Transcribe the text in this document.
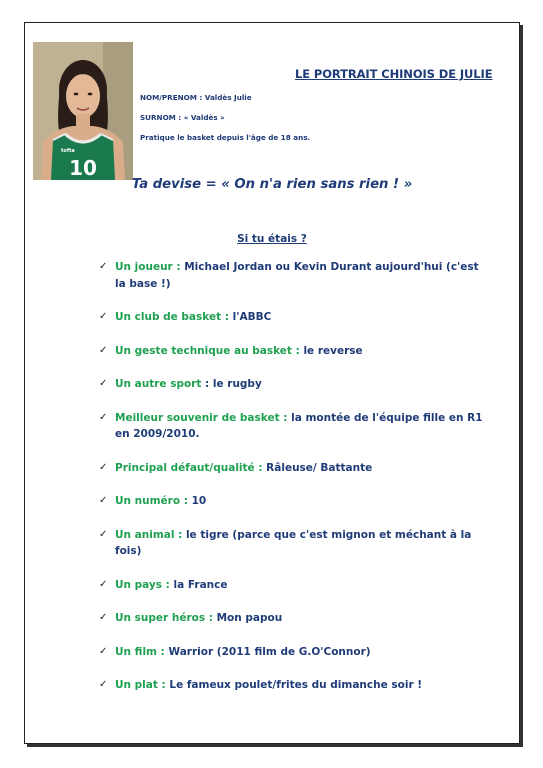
tofta
10
LE PORTRAIT CHINOIS DE JULIE
NOM/PRENOM : Valdès Julie
SURNOM : « Valdès »
Pratique le basket depuis l'âge de 18 ans.
Ta devise = « On n'a rien sans rien ! »
Si tu étais ?
✓ Un joueur : Michael Jordan ou Kevin Durant aujourd'hui (c'est la base !)
✓ Un club de basket : l'ABBC
✓ Un geste technique au basket : le reverse
✓ Un autre sport : le rugby
✓ Meilleur souvenir de basket : la montée de l'équipe fille en R1 en 2009/2010.
✓ Principal défaut/qualité : Râleuse/ Battante
✓ Un numéro : 10
✓ Un animal : le tigre (parce que c'est mignon et méchant à la fois)
✓ Un pays : la France
✓ Un super héros : Mon papou
✓ Un film : Warrior (2011 film de G.O'Connor)
✓ Un plat : Le fameux poulet/frites du dimanche soir !
